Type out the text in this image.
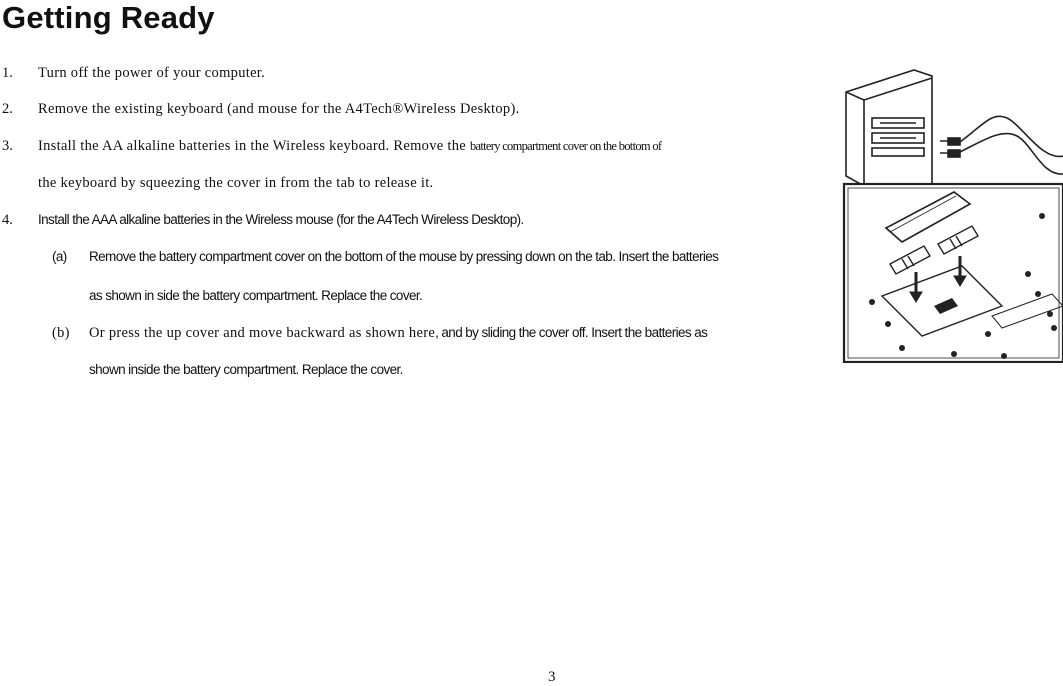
Getting Ready
1. Turn off the power of your computer.
2. Remove the existing keyboard (and mouse for the A4Tech®Wireless Desktop).
3. Install the AA alkaline batteries in the Wireless keyboard. Remove the battery compartment cover on the bottom of
the keyboard by squeezing the cover in from the tab to release it.
4. Install the AAA alkaline batteries in the Wireless mouse (for the A4Tech Wireless Desktop).
(a) Remove the battery compartment cover on the bottom of the mouse by pressing down on the tab. Insert the batteries
as shown in side the battery compartment. Replace the cover.
(b) Or press the up cover and move backward as shown here, and by sliding the cover off. Insert the batteries as
shown inside the battery compartment. Replace the cover.
3
